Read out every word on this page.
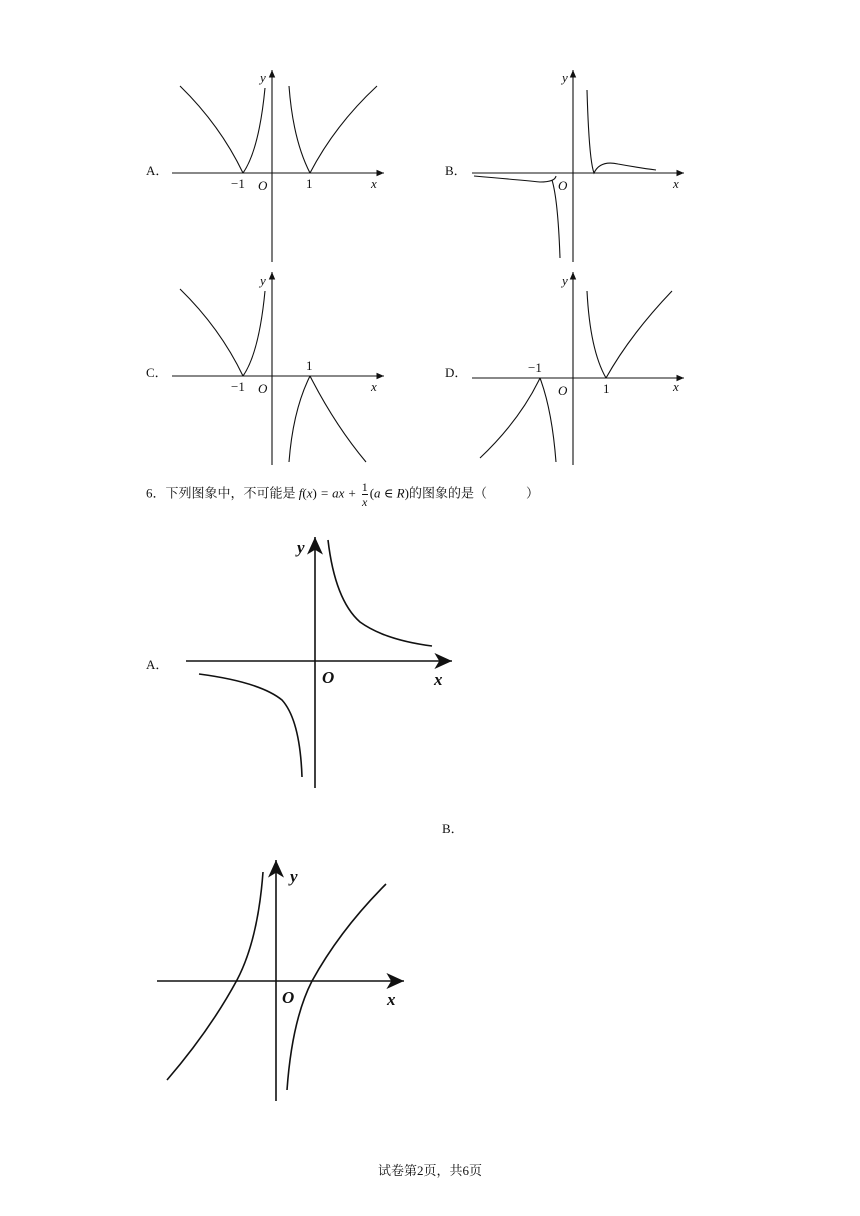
A．	B．
C．	D．
−1	1
O	x
y
O	x
y
−1
1
O	x
y
−1
1
O	x
y
O	x
y
O	x
y
6．下列图象中，不可能是 f(x) = ax + $\frac{1}{x} (a$ ∈ R)的图象的是（　　　）
A．
B．
试卷第2页，共6页
